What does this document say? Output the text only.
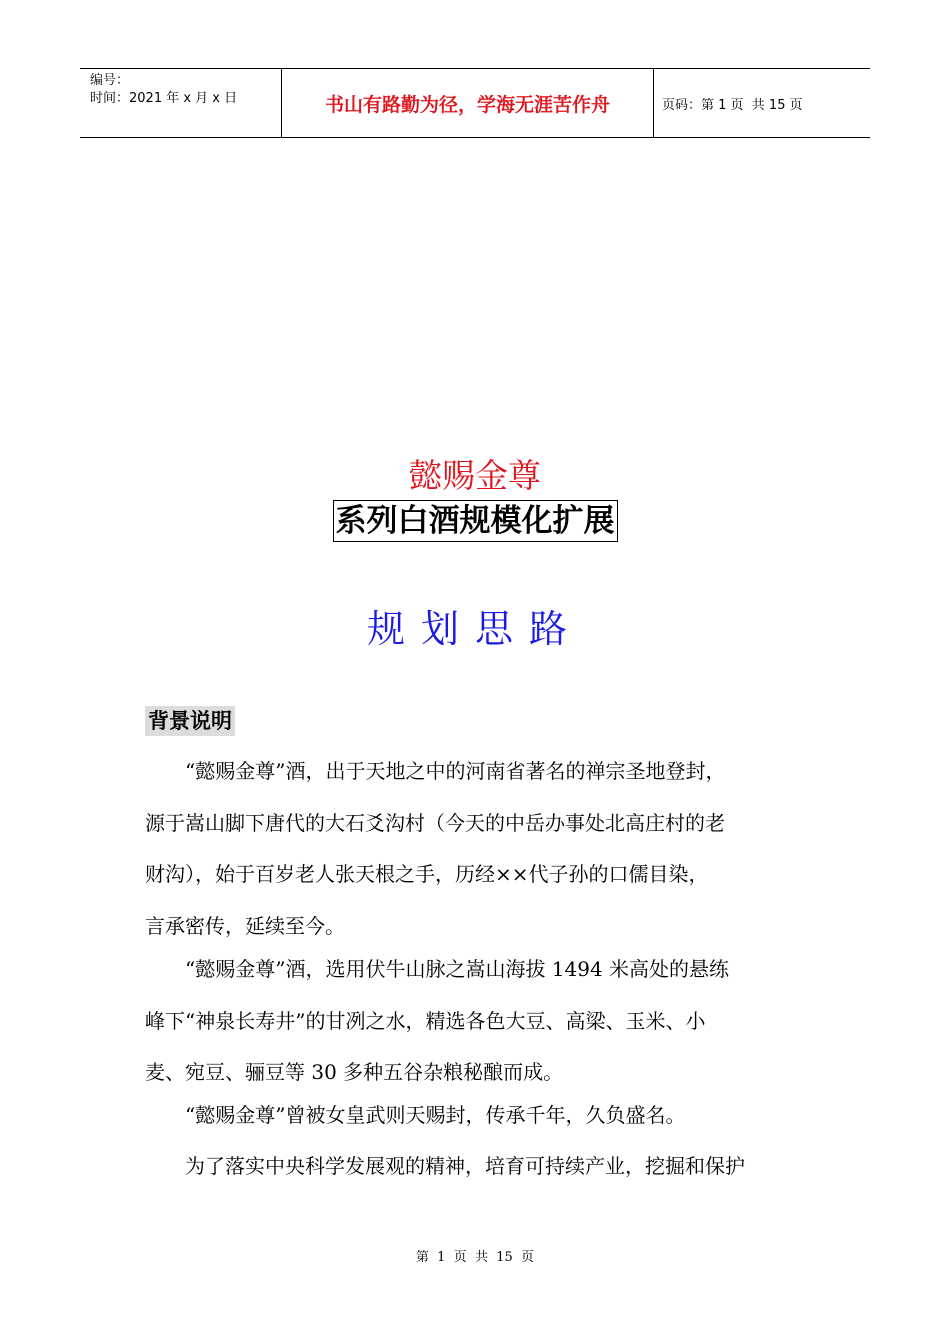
编号：
时间：2021 年 x 月 x 日	书山有路勤为径，学海无涯苦作舟	页码：第 1 页  共 15 页
懿赐金尊
系列白酒规模化扩展
规划思路
背景说明

“懿赐金尊”酒，出于天地之中的河南省著名的禅宗圣地登封，
源于嵩山脚下唐代的大石爻沟村（今天的中岳办事处北高庄村的老
财沟），始于百岁老人张天根之手，历经××代子孙的口儒目染，
言承密传，延续至今。

“懿赐金尊”酒，选用伏牛山脉之嵩山海拔 1494 米高处的悬练
峰下“神泉长寿井”的甘冽之水，精选各色大豆、高梁、玉米、小
麦、宛豆、骊豆等 30 多种五谷杂粮秘酿而成。

“懿赐金尊”曾被女皇武则天赐封，传承千年，久负盛名。

为了落实中央科学发展观的精神，培育可持续产业，挖掘和保护

第  1  页  共  15  页
